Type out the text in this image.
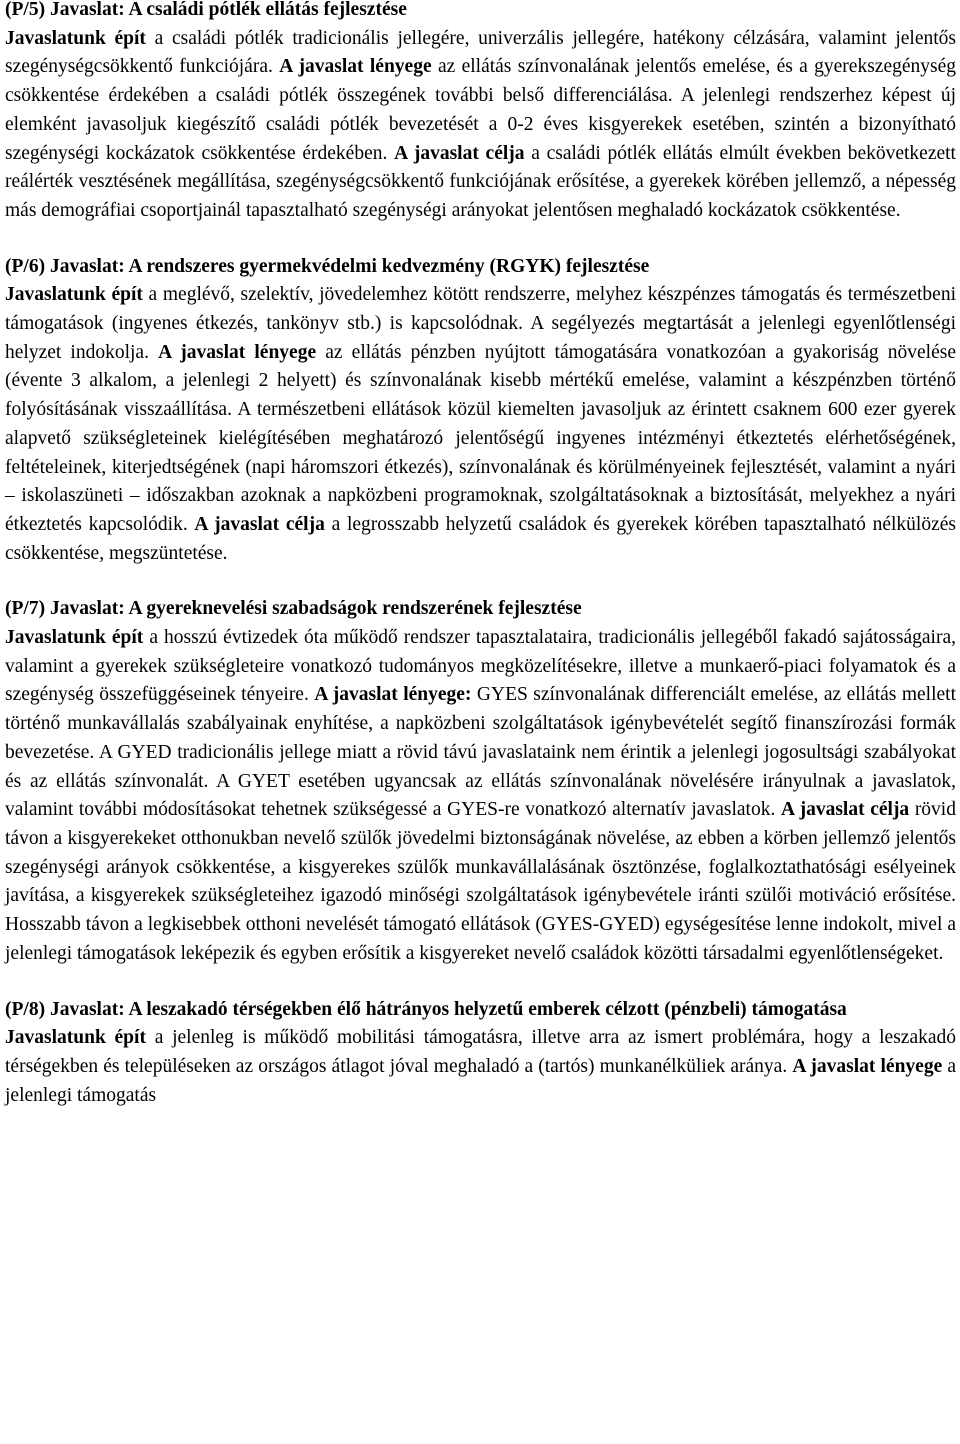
(P/5) Javaslat: A családi pótlék ellátás fejlesztése

Javaslatunk épít a családi pótlék tradicionális jellegére, univerzális jellegére, hatékony célzására, valamint jelentős szegénységcsökkentő funkciójára. A javaslat lényege az ellátás színvonalának jelentős emelése, és a gyerekszegénység csökkentése érdekében a családi pótlék összegének további belső differenciálása. A jelenlegi rendszerhez képest új elemként javasoljuk kiegészítő családi pótlék bevezetését a 0-2 éves kisgyerekek esetében, szintén a bizonyítható szegénységi kockázatok csökkentése érdekében. A javaslat célja a családi pótlék ellátás elmúlt években bekövetkezett reálérték vesztésének megállítása, szegénységcsökkentő funkciójának erősítése, a gyerekek körében jellemző, a népesség más demográfiai csoportjainál tapasztalható szegénységi arányokat jelentősen meghaladó kockázatok csökkentése.

(P/6) Javaslat: A rendszeres gyermekvédelmi kedvezmény (RGYK) fejlesztése

Javaslatunk épít a meglévő, szelektív, jövedelemhez kötött rendszerre, melyhez készpénzes támogatás és természetbeni támogatások (ingyenes étkezés, tankönyv stb.) is kapcsolódnak. A segélyezés megtartását a jelenlegi egyenlőtlenségi helyzet indokolja. A javaslat lényege az ellátás pénzben nyújtott támogatására vonatkozóan a gyakoriság növelése (évente 3 alkalom, a jelenlegi 2 helyett) és színvonalának kisebb mértékű emelése, valamint a készpénzben történő folyósításának visszaállítása. A természetbeni ellátások közül kiemelten javasoljuk az érintett csaknem 600 ezer gyerek alapvető szükségleteinek kielégítésében meghatározó jelentőségű ingyenes intézményi étkeztetés elérhetőségének, feltételeinek, kiterjedtségének (napi háromszori étkezés), színvonalának és körülményeinek fejlesztését, valamint a nyári – iskolaszüneti – időszakban azoknak a napközbeni programoknak, szolgáltatásoknak a biztosítását, melyekhez a nyári étkeztetés kapcsolódik. A javaslat célja a legrosszabb helyzetű családok és gyerekek körében tapasztalható nélkülözés csökkentése, megszüntetése.

(P/7) Javaslat: A gyereknevelési szabadságok rendszerének fejlesztése

Javaslatunk épít a hosszú évtizedek óta működő rendszer tapasztalataira, tradicionális jellegéből fakadó sajátosságaira, valamint a gyerekek szükségleteire vonatkozó tudományos megközelítésekre, illetve a munkaerő-piaci folyamatok és a szegénység összefüggéseinek tényeire. A javaslat lényege: GYES színvonalának differenciált emelése, az ellátás mellett történő munkavállalás szabályainak enyhítése, a napközbeni szolgáltatások igénybevételét segítő finanszírozási formák bevezetése. A GYED tradicionális jellege miatt a rövid távú javaslataink nem érintik a jelenlegi jogosultsági szabályokat és az ellátás színvonalát. A GYET esetében ugyancsak az ellátás színvonalának növelésére irányulnak a javaslatok, valamint további módosításokat tehetnek szükségessé a GYES-re vonatkozó alternatív javaslatok. A javaslat célja rövid távon a kisgyerekeket otthonukban nevelő szülők jövedelmi biztonságának növelése, az ebben a körben jellemző jelentős szegénységi arányok csökkentése, a kisgyerekes szülők munkavállalásának ösztönzése, foglalkoztathatósági esélyeinek javítása, a kisgyerekek szükségleteihez igazodó minőségi szolgáltatások igénybevétele iránti szülői motiváció erősítése. Hosszabb távon a legkisebbek otthoni nevelését támogató ellátások (GYES-GYED) egységesítése lenne indokolt, mivel a jelenlegi támogatások leképezik és egyben erősítik a kisgyereket nevelő családok közötti társadalmi egyenlőtlenségeket.

(P/8) Javaslat: A leszakadó térségekben élő hátrányos helyzetű emberek célzott (pénzbeli) támogatása

Javaslatunk épít a jelenleg is működő mobilitási támogatásra, illetve arra az ismert problémára, hogy a leszakadó térségekben és településeken az országos átlagot jóval meghaladó a (tartós) munkanélküliek aránya. A javaslat lényege a jelenlegi támogatás
